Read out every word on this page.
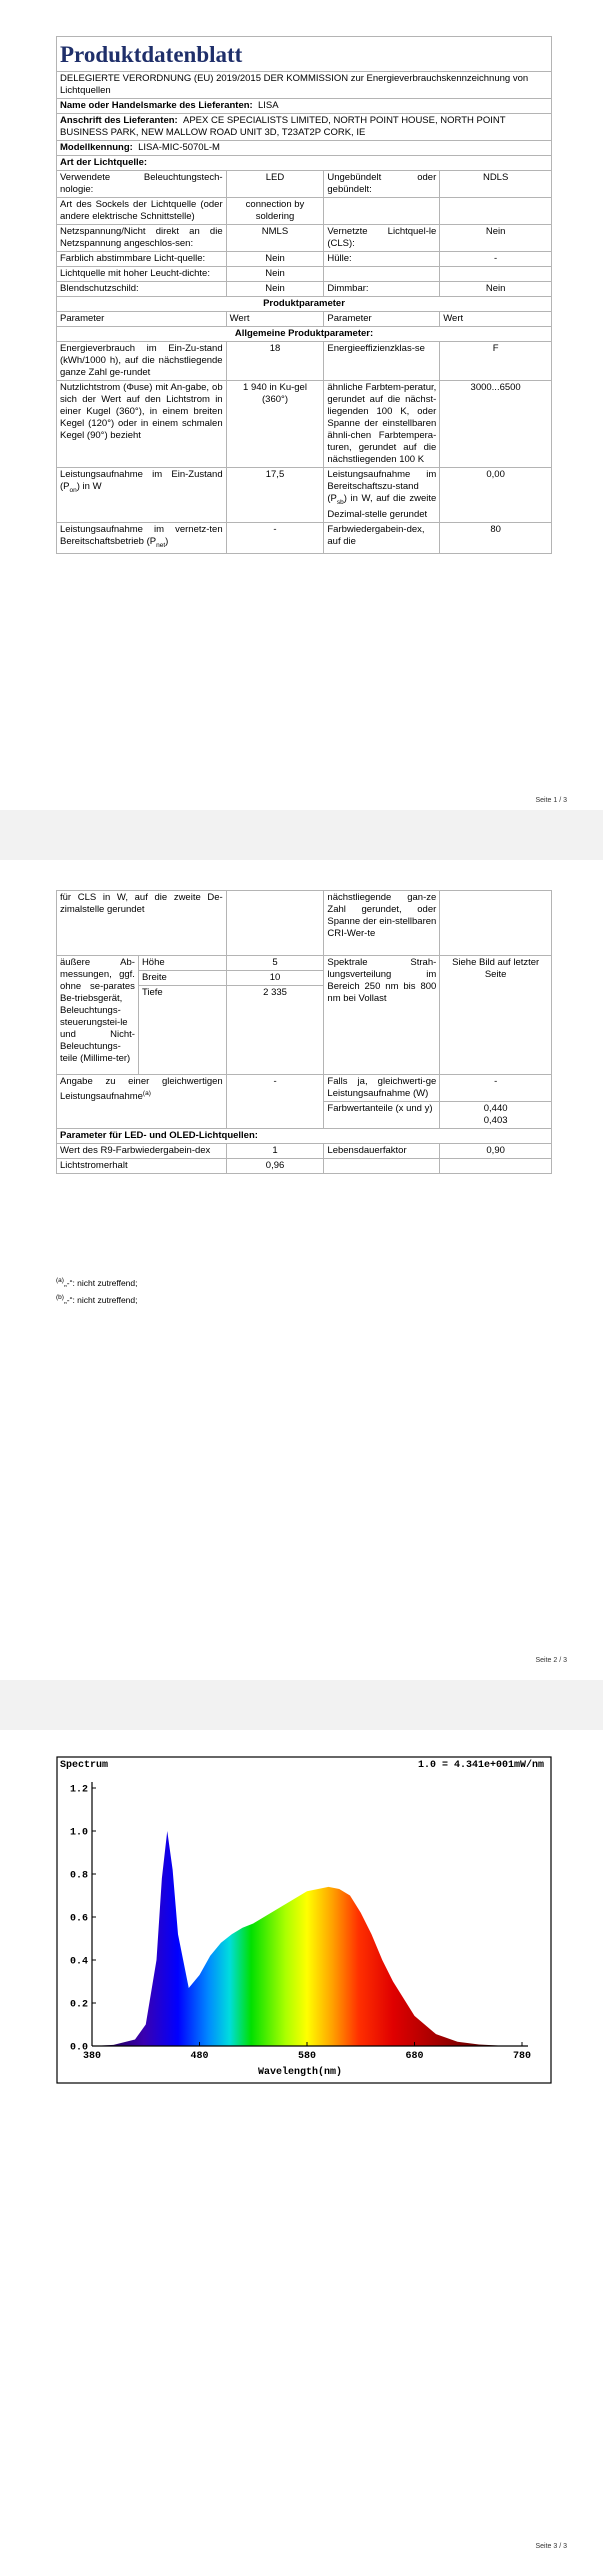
Produktdatenblatt			

DELEGIERTE VERORDNUNG (EU) 2019/2015 DER KOMMISSION zur Energieverbrauchskennzeichnung von Lichtquellen			
Name oder Handelsmarke des Lieferanten: LISA			
Anschrift des Lieferanten: APEX CE SPECIALISTS LIMITED, NORTH POINT HOUSE, NORTH POINT BUSINESS PARK, NEW MALLOW ROAD UNIT 3D, T23AT2P CORK, IE			
Modellkennung: LISA-MIC-5070L-M			
Art der Lichtquelle:			
Verwendete Beleuchtungstech-nologie:	LED	Ungebündelt oder gebündelt:	NDLS
Art des Sockels der Lichtquelle (oder andere elektrische Schnittstelle)	connection by soldering		
Netzspannung/Nicht direkt an die Netzspannung angeschlos-sen:	NMLS	Vernetzte Lichtquel-le (CLS):	Nein
Farblich abstimmbare Licht-quelle:	Nein	Hülle:	-
Lichtquelle mit hoher Leucht-dichte:	Nein		
Blendschutzschild:	Nein	Dimmbar:	Nein
Produktparameter			
Parameter	Wert	Parameter	Wert
Allgemeine Produktparameter:			
Energieverbrauch im Ein-Zu-stand (kWh/1000 h), auf die nächstliegende ganze Zahl ge-rundet	18	Energieeffizienzklas-se	F
Nutzlichtstrom (Φuse) mit An-gabe, ob sich der Wert auf den Lichtstrom in einer Kugel (360°), in einem breiten Kegel (120°) oder in einem schmalen Kegel (90°) bezieht	1 940 in Ku-gel (360°)	ähnliche Farbtem-peratur, gerundet auf die nächst-liegenden 100 K, oder Spanne der einstellbaren ähnli-chen Farbtempera-turen, gerundet auf die nächstliegenden 100 K	3000...6500
Leistungsaufnahme im Ein-Zustand $(P_{on})$ in W	17,5	Leistungsaufnahme im Bereitschaftszu-stand $(P_{sb})$ in W, auf die zweite Dezimal-stelle gerundet	0,00
Leistungsaufnahme im vernetz-ten Bereitschaftsbetrieb $(P_{net})$	-	Farbwiedergabein-dex, auf die	80
Seite 1 / 3
für CLS in W, auf die zweite De-zimalstelle gerundet			nächstliegende gan-ze Zahl gerundet, oder Spanne der ein-stellbaren CRI-Wer-te	
äußere Ab-messungen, ggf. ohne se-parates Be-triebsgerät, Beleuchtungs-steuerungstei-le und Nicht-Beleuchtungs-teile (Millime-ter)	Höhe	5	Spektrale Strah-lungsverteilung im Bereich 250 nm bis 800 nm bei Vollast	Siehe Bild auf letzter Seite
	Breite	10		
	Tiefe	2 335		
Angabe zu einer gleichwertigen Leistungsaufnahme$^{(a)}$		-	Falls ja, gleichwerti-ge Leistungsaufnahme (W)	-
			Farbwertanteile (x und y)	0,440
0,403

Parameter für LED- und OLED-Lichtquellen:				
Wert des R9-Farbwiedergabein-dex		1	Lebensdauerfaktor	0,90
Lichtstromerhalt		0,96		
$^{(a)}$„-“: nicht zutreffend;
$^{(b)}$„-“: nicht zutreffend;
Seite 2 / 3
Spectrum	1.0 = 4.341e+001mW/nm
0.0
0.2
0.4
0.6
0.8
1.0
1.2
380	480	580	680	780
Wavelength(nm)
Seite 3 / 3
